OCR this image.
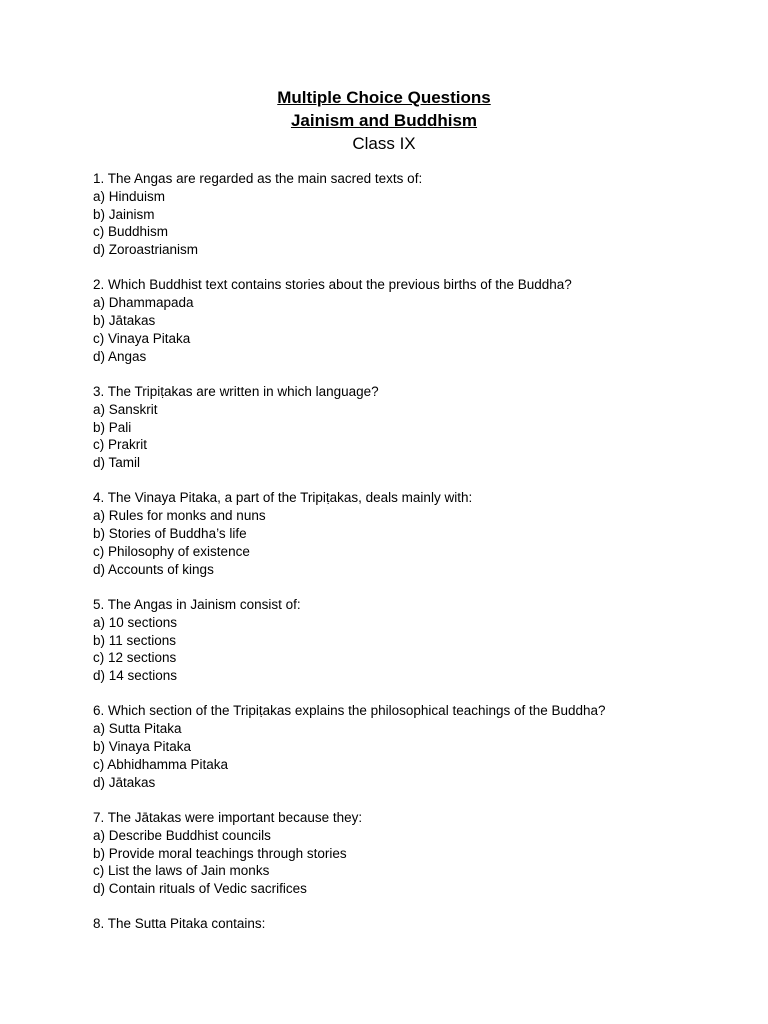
Multiple Choice Questions
Jainism and Buddhism
Class IX
1. The Angas are regarded as the main sacred texts of:
a) Hinduism
b) Jainism
c) Buddhism
d) Zoroastrianism
2. Which Buddhist text contains stories about the previous births of the Buddha?
a) Dhammapada
b) Jātakas
c) Vinaya Pitaka
d) Angas
3. The Tripiṭakas are written in which language?
a) Sanskrit
b) Pali
c) Prakrit
d) Tamil
4. The Vinaya Pitaka, a part of the Tripiṭakas, deals mainly with:
a) Rules for monks and nuns
b) Stories of Buddha’s life
c) Philosophy of existence
d) Accounts of kings
5. The Angas in Jainism consist of:
a) 10 sections
b) 11 sections
c) 12 sections
d) 14 sections
6. Which section of the Tripiṭakas explains the philosophical teachings of the Buddha?
a) Sutta Pitaka
b) Vinaya Pitaka
c) Abhidhamma Pitaka
d) Jātakas
7. The Jātakas were important because they:
a) Describe Buddhist councils
b) Provide moral teachings through stories
c) List the laws of Jain monks
d) Contain rituals of Vedic sacrifices
8. The Sutta Pitaka contains:
